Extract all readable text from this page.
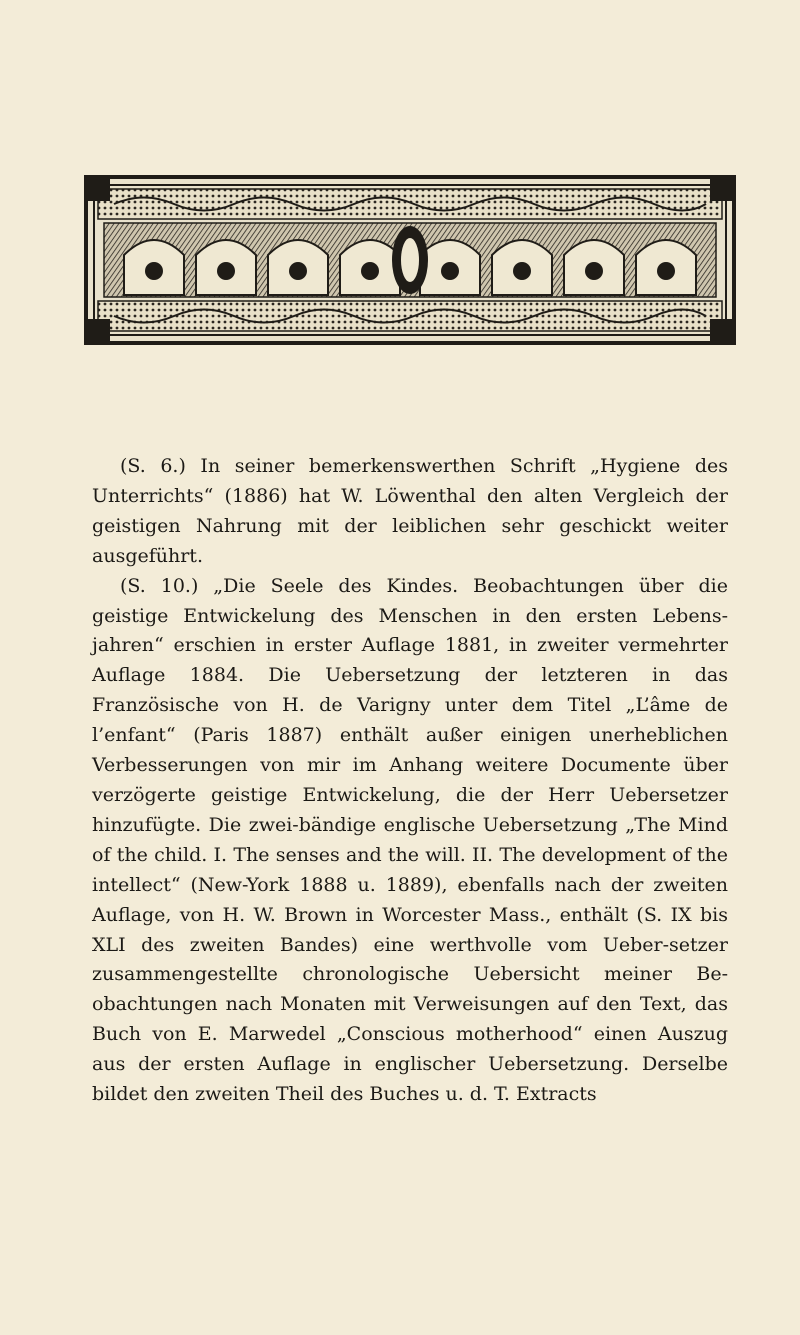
(S. 6.) In seiner bemerkenswerthen Schrift „Hygiene des Unterrichts“ (1886) hat W. Löwenthal den alten Vergleich der geistigen Nahrung mit der leiblichen sehr geschickt weiter ausgeführt.

(S. 10.) „Die Seele des Kindes. Beobachtungen über die geistige Entwickelung des Menschen in den ersten Lebens-jahren“ erschien in erster Auflage 1881, in zweiter vermehrter Auflage 1884. Die Uebersetzung der letzteren in das Französische von H. de Varigny unter dem Titel „L’âme de l’enfant“ (Paris 1887) enthält außer einigen unerheblichen Verbesserungen von mir im Anhang weitere Documente über verzögerte geistige Entwickelung, die der Herr Uebersetzer hinzufügte. Die zwei-bändige englische Uebersetzung „The Mind of the child. I. The senses and the will. II. The development of the intellect“ (New-York 1888 u. 1889), ebenfalls nach der zweiten Auflage, von H. W. Brown in Worcester Mass., enthält (S. IX bis XLI des zweiten Bandes) eine werthvolle vom Ueber-setzer zusammengestellte chronologische Uebersicht meiner Be-obachtungen nach Monaten mit Verweisungen auf den Text, das Buch von E. Marwedel „Conscious motherhood“ einen Auszug aus der ersten Auflage in englischer Uebersetzung. Derselbe bildet den zweiten Theil des Buches u. d. T. Extracts
